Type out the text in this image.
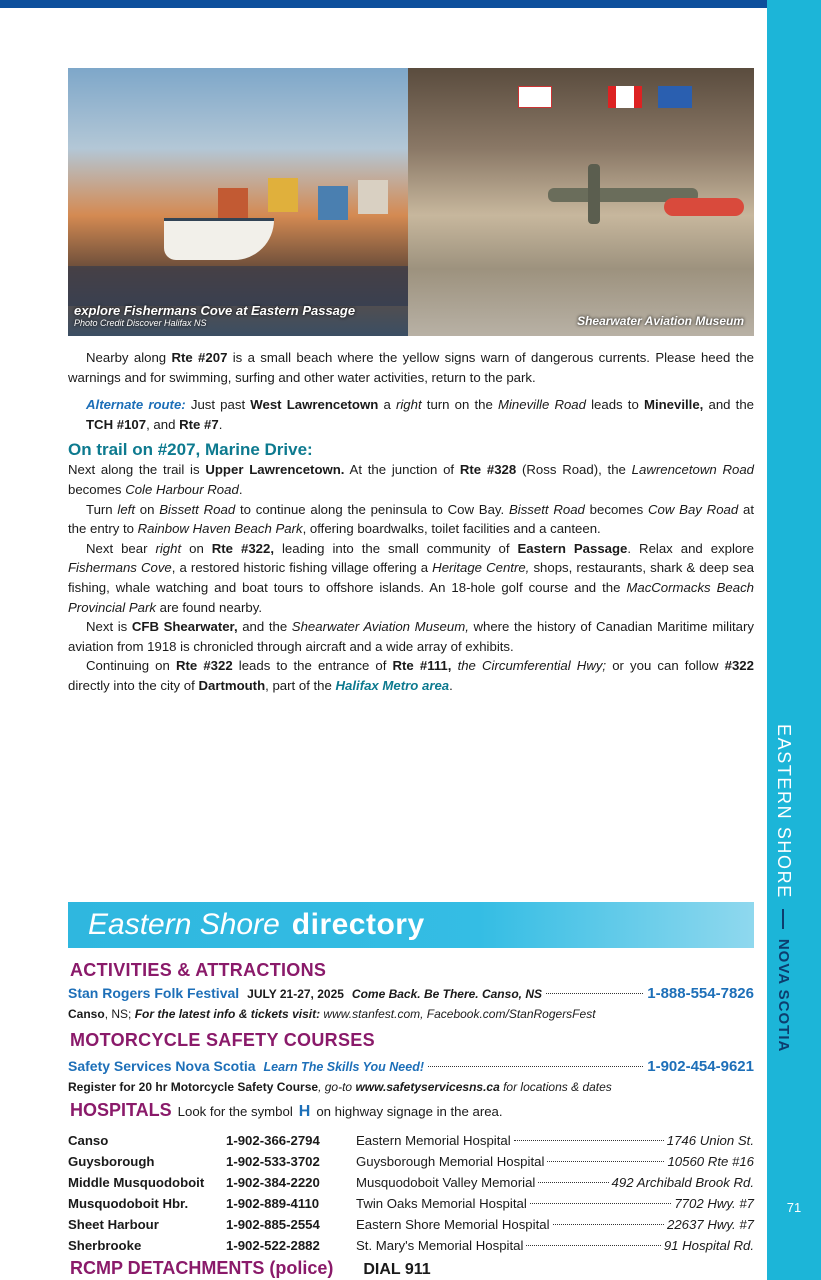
EASTERN SHORE
NOVA SCOTIA
71
explore Fishermans Cove at Eastern Passage
Photo Credit Discover Halifax NS	Shearwater Aviation Museum

Nearby along Rte #207 is a small beach where the yellow signs warn of dangerous currents. Please heed the warnings and for swimming, surfing and other water activities, return to the park.

Alternate route: Just past West Lawrencetown a right turn on the Mineville Road leads to Mineville, and the TCH #107, and Rte #7.

On trail on #207, Marine Drive:

Next along the trail is Upper Lawrencetown. At the junction of Rte #328 (Ross Road), the Lawrencetown Road becomes Cole Harbour Road.

Turn left on Bissett Road to continue along the peninsula to Cow Bay. Bissett Road becomes Cow Bay Road at the entry to Rainbow Haven Beach Park, offering boardwalks, toilet facilities and a canteen.

Next bear right on Rte #322, leading into the small community of Eastern Passage. Relax and explore Fishermans Cove, a restored historic fishing village offering a Heritage Centre, shops, restaurants, shark & deep sea fishing, whale watching and boat tours to offshore islands. An 18-hole golf course and the MacCormacks Beach Provincial Park are found nearby.

Next is CFB Shearwater, and the Shearwater Aviation Museum, where the history of Canadian Maritime military aviation from 1918 is chronicled through aircraft and a wide array of exhibits.

Continuing on Rte #322 leads to the entrance of Rte #111, the Circumferential Hwy; or you can follow #322 directly into the city of Dartmouth, part of the Halifax Metro area.

Eastern Shore directory
ACTIVITIES & ATTRACTIONS
Stan Rogers Folk Festival JULY 21-27, 2025 Come Back. Be There. Canso, NS	1-888-554-7826
Canso, NS; For the latest info & tickets visit: www.stanfest.com, Facebook.com/StanRogersFest
MOTORCYCLE SAFETY COURSES
Safety Services Nova Scotia Learn The Skills You Need!	1-902-454-9621
Register for 20 hr Motorcycle Safety Course, go-to www.safetyservicesns.ca for locations & dates
HOSPITALS Look for the symbol H on highway signage in the area.
Canso	1-902-366-2794	Eastern Memorial Hospital	1746 Union St.
Guysborough	1-902-533-3702	Guysborough Memorial Hospital	10560 Rte #16
Middle Musquodoboit	1-902-384-2220	Musquodoboit Valley Memorial	492 Archibald Brook Rd.
Musquodoboit Hbr.	1-902-889-4110	Twin Oaks Memorial Hospital	7702 Hwy. #7
Sheet Harbour	1-902-885-2554	Eastern Shore Memorial Hospital	22637 Hwy. #7
Sherbrooke	1-902-522-2882	St. Mary's Memorial Hospital	91 Hospital Rd.
RCMP DETACHMENTS (police) DIAL 911
